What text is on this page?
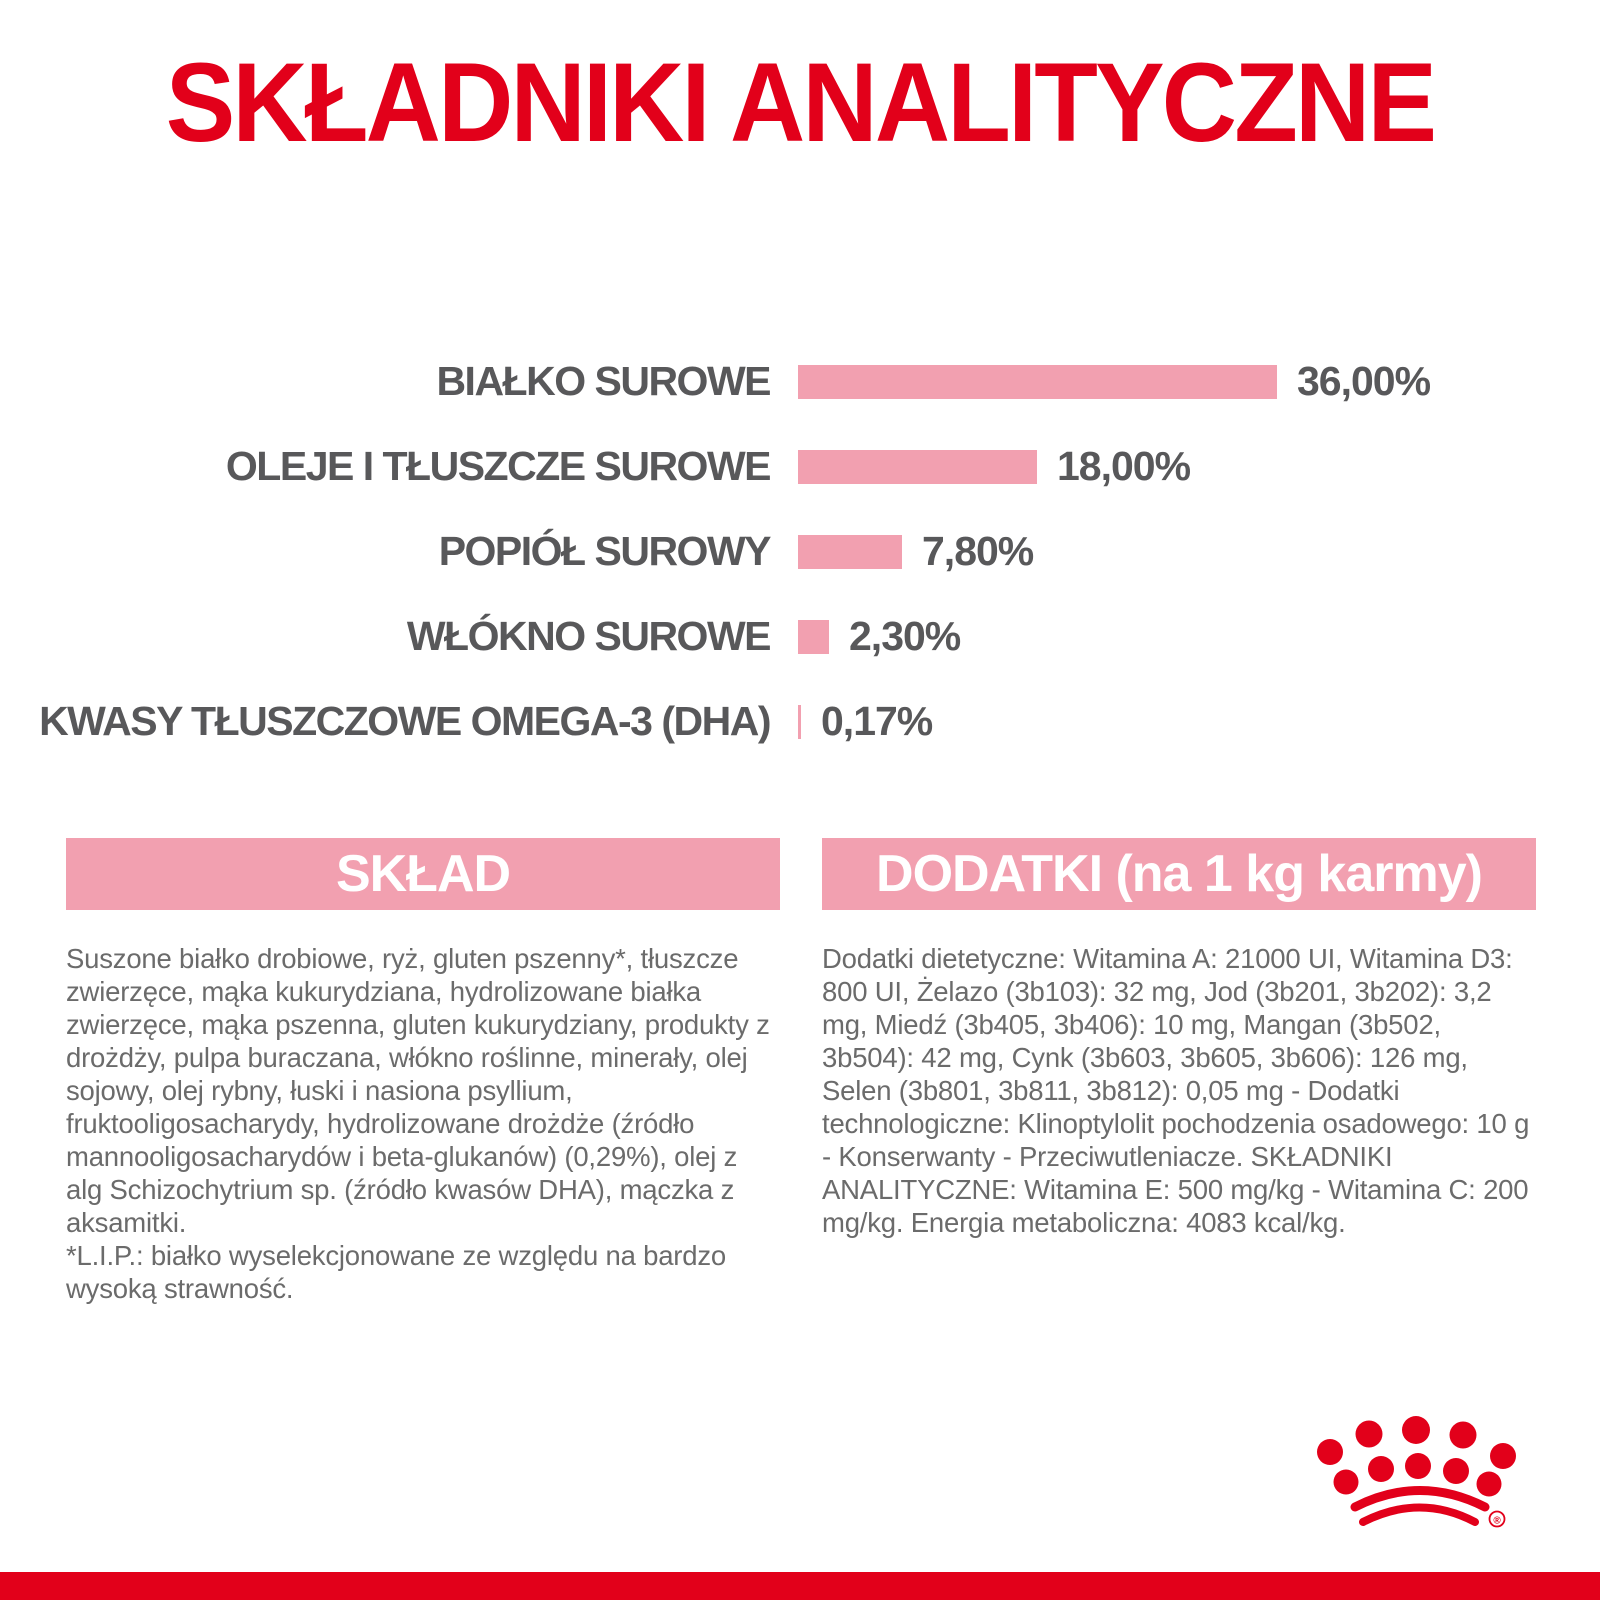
SKŁADNIKI ANALITYCZNE
BIAŁKO SUROWE	36,00%
OLEJE I TŁUSZCZE SUROWE	18,00%
POPIÓŁ SUROWY	7,80%
WŁÓKNO SUROWE 2,30%
KWASY TŁUSZCZOWE OMEGA-3 (DHA) 0,17%
SKŁAD

Suszone białko drobiowe, ryż, gluten pszenny*, tłuszcze zwierzęce, mąka kukurydziana, hydrolizowane białka zwierzęce, mąka pszenna, gluten kukurydziany, produkty z drożdży, pulpa buraczana, włókno roślinne, minerały, olej sojowy, olej rybny, łuski i nasiona psyllium, fruktooligosacharydy, hydrolizowane drożdże (źródło mannooligosacharydów i beta-glukanów) (0,29%), olej z alg Schizochytrium sp. (źródło kwasów DHA), mączka z aksamitki.

*L.I.P.: białko wyselekcjonowane ze względu na bardzo wysoką strawność.

DODATKI (na 1 kg karmy)

Dodatki dietetyczne: Witamina A: 21000 UI, Witamina D3: 800 UI, Żelazo (3b103): 32 mg, Jod (3b201, 3b202): 3,2 mg, Miedź (3b405, 3b406): 10 mg, Mangan (3b502, 3b504): 42 mg, Cynk (3b603, 3b605, 3b606): 126 mg, Selen (3b801, 3b811, 3b812): 0,05 mg - Dodatki technologiczne: Klinoptylolit pochodzenia osadowego: 10 g - Konserwanty - Przeciwutleniacze. SKŁADNIKI ANALITYCZNE: Witamina E: 500 mg/kg - Witamina C: 200 mg/kg. Energia metaboliczna: 4083 kcal/kg.

®
